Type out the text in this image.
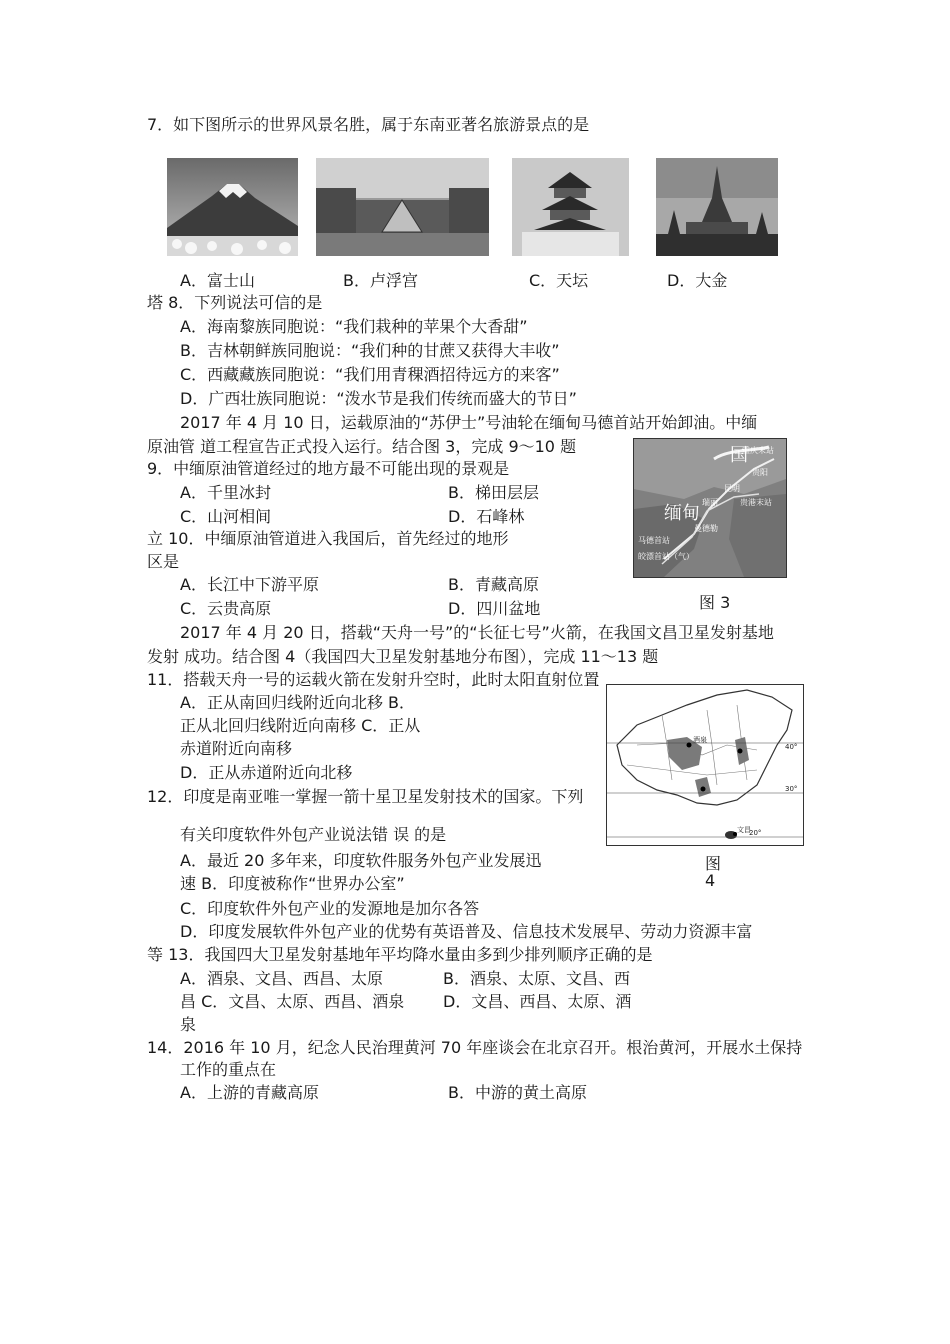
7．如下图所示的世界风景名胜，属于东南亚著名旅游景点的是
A．富士山	B．卢浮宫	C．天坛	D．大金
塔 8．下列说法可信的是
A．海南黎族同胞说：“我们栽种的苹果个大香甜”
B．吉林朝鲜族同胞说：“我们种的甘蔗又获得大丰收”
C．西藏藏族同胞说：“我们用青稞酒招待远方的来客”
D．广西壮族同胞说：“泼水节是我们传统而盛大的节日”
2017 年 4 月 10 日，运载原油的“苏伊士”号油轮在缅甸马德首站开始卸油。中缅
原油管 道工程宣告正式投入运行。结合图 3，完成 9～10 题
9．中缅原油管道经过的地方最不可能出现的景观是
A．千里冰封	B．梯田层层
C．山河相间	D．石峰林
立 10．中缅原油管道进入我国后，首先经过的地形
区是
A．长江中下游平原	B．青藏高原
C．云贵高原	D．四川盆地
重庆末站
贵阳
昆明
瑞丽
缅甸
曼德勒
马德首站
皎漂首站（气）
贵港末站
国
图 3
2017 年 4 月 20 日，搭载“天舟一号”的“长征七号”火箭，在我国文昌卫星发射基地
发射 成功。结合图 4（我国四大卫星发射基地分布图），完成 11～13 题
11．搭载天舟一号的运载火箭在发射升空时，此时太阳直射位置
A．正从南回归线附近向北移 B．
正从北回归线附近向南移 C．正从
赤道附近向南移
D．正从赤道附近向北移
酒泉
文昌
40°
30°
20°
图
4
12．印度是南亚唯一掌握一箭十星卫星发射技术的国家。下列
有关印度软件外包产业说法错 误 的是
A．最近 20 多年来，印度软件服务外包产业发展迅
速 B．印度被称作“世界办公室”
C．印度软件外包产业的发源地是加尔各答
D．印度发展软件外包产业的优势有英语普及、信息技术发展早、劳动力资源丰富
等 13．我国四大卫星发射基地年平均降水量由多到少排列顺序正确的是
A．酒泉、文昌、西昌、太原	B．酒泉、太原、文昌、西
昌 C．文昌、太原、西昌、酒泉 D．文昌、西昌、太原、酒
泉
14．2016 年 10 月，纪念人民治理黄河 70 年座谈会在北京召开。根治黄河，开展水土保持
工作的重点在
A．上游的青藏高原	B．中游的黄土高原
